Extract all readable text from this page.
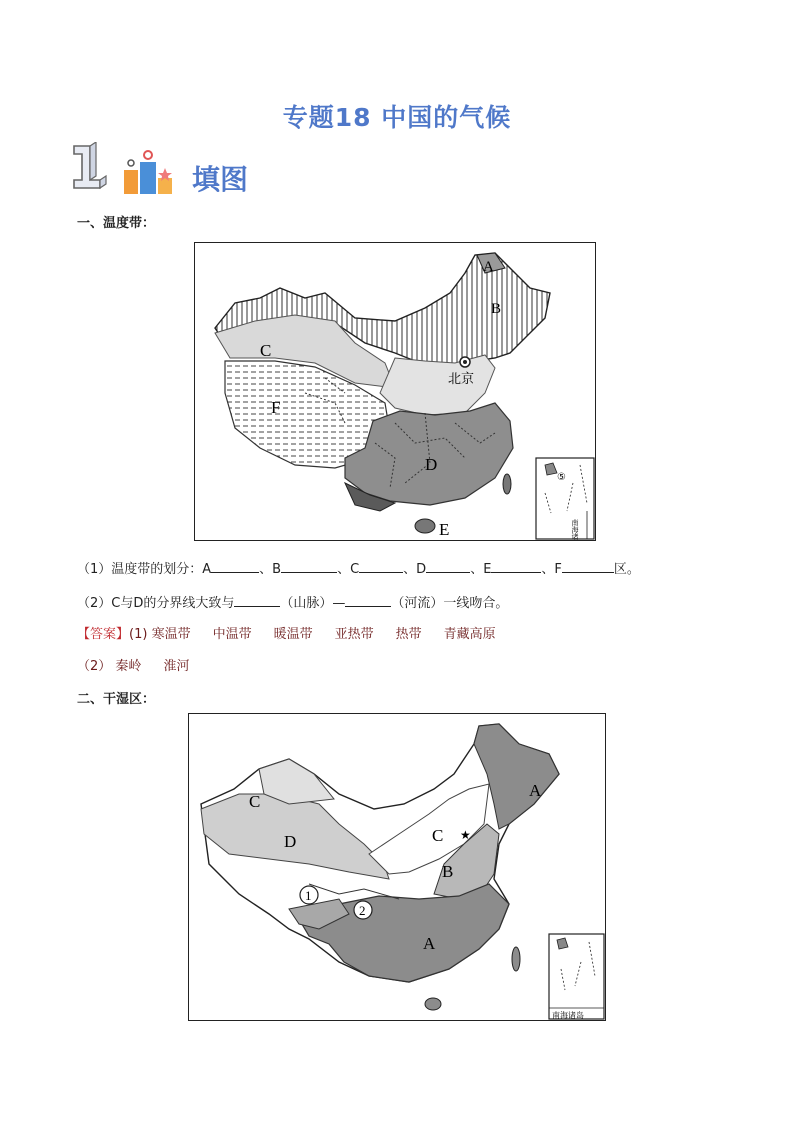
专题18 中国的气候
填图
一、温度带：
A
B
C
D
E
F
北京
⑤
南海诸岛
（1）温度带的划分：A	、B	、C	、D	、E	、F	区。
（2）C与D的分界线大致与	（山脉）—	（河流）一线吻合。
【答案】(1) 寒温带 中温带 暖温带 亚热带 热带 青藏高原
（2） 秦岭 淮河
二、干湿区：
1
2
A
A
B
C
C
D	★
南海诸岛
